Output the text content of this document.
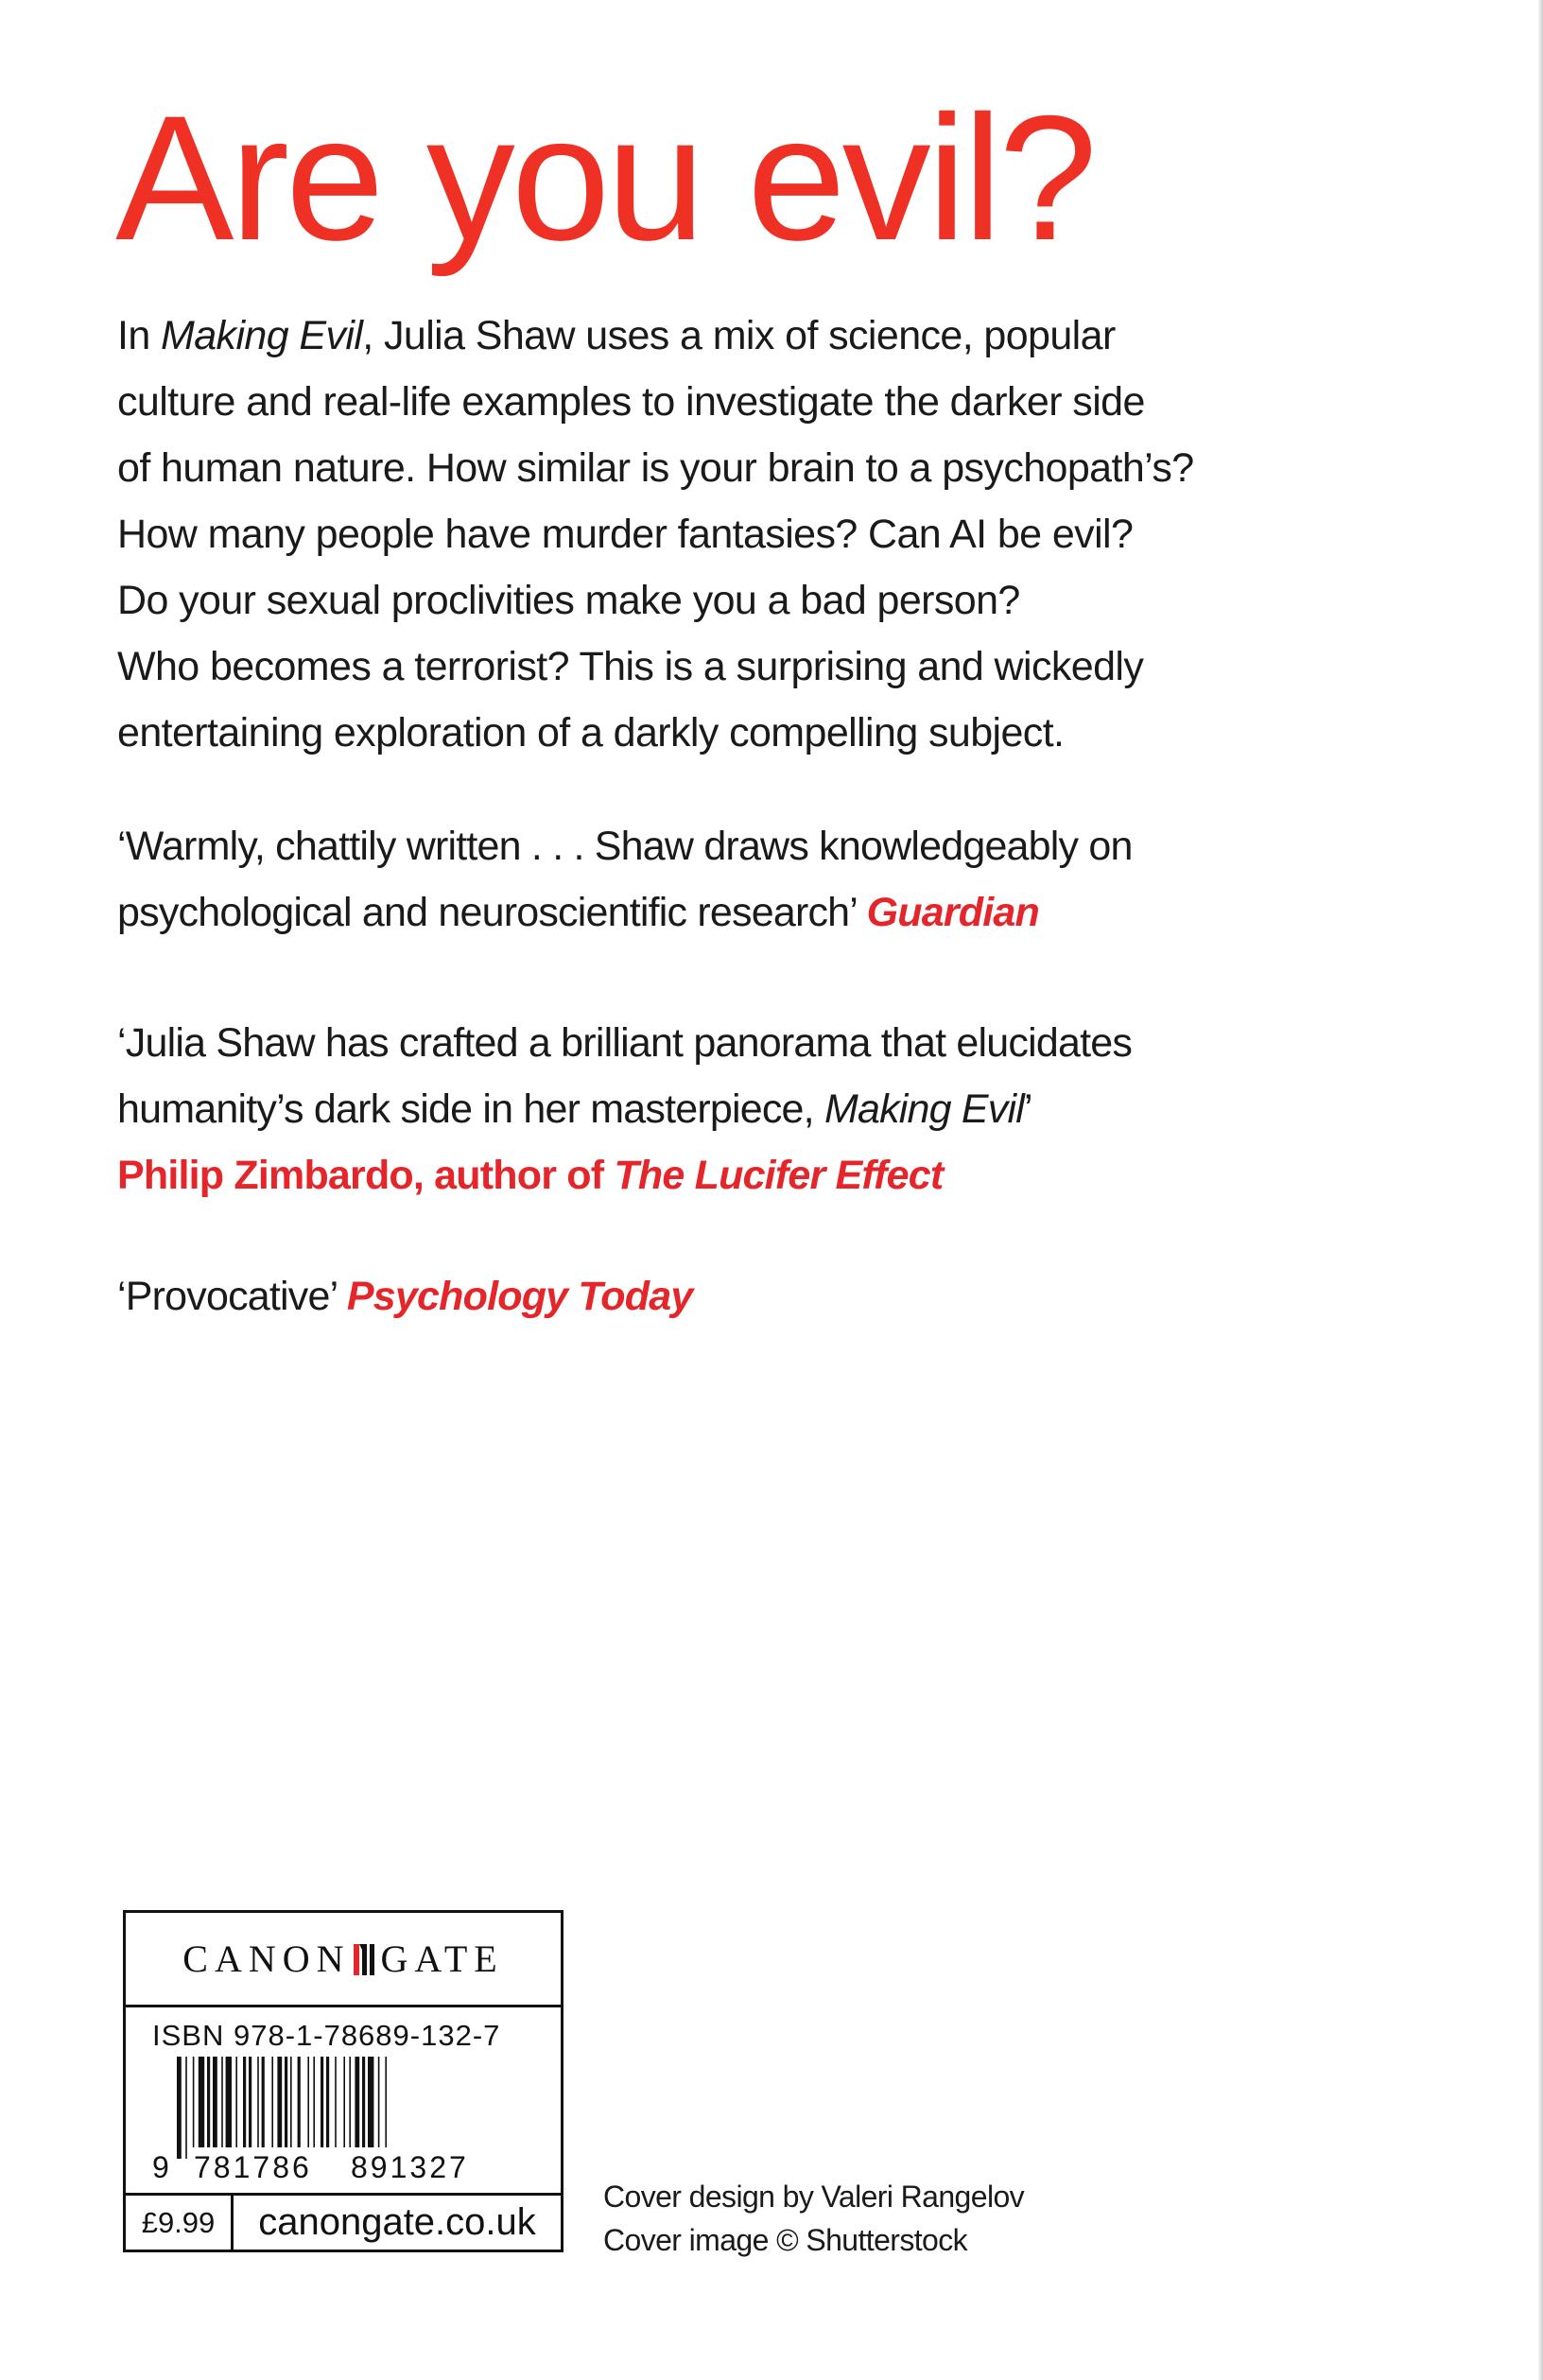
Are you evil?

In Making Evil, Julia Shaw uses a mix of science, popular
culture and real-life examples to investigate the darker side
of human nature. How similar is your brain to a psychopath’s?
How many people have murder fantasies? Can AI be evil?
Do your sexual proclivities make you a bad person?
Who becomes a terrorist? This is a surprising and wickedly
entertaining exploration of a darkly compelling subject.

‘Warmly, chattily written . . . Shaw draws knowledgeably on
psychological and neuroscientific research’ Guardian

‘Julia Shaw has crafted a brilliant panorama that elucidates
humanity’s dark side in her masterpiece, Making Evil’
Philip Zimbardo, author of The Lucifer Effect

‘Provocative’ Psychology Today

CANON GATE
ISBN 978-1-78689-132-7
9 781786 891327
£9.99	canongate.co.uk
Cover design by Valeri Rangelov
Cover image © Shutterstock
